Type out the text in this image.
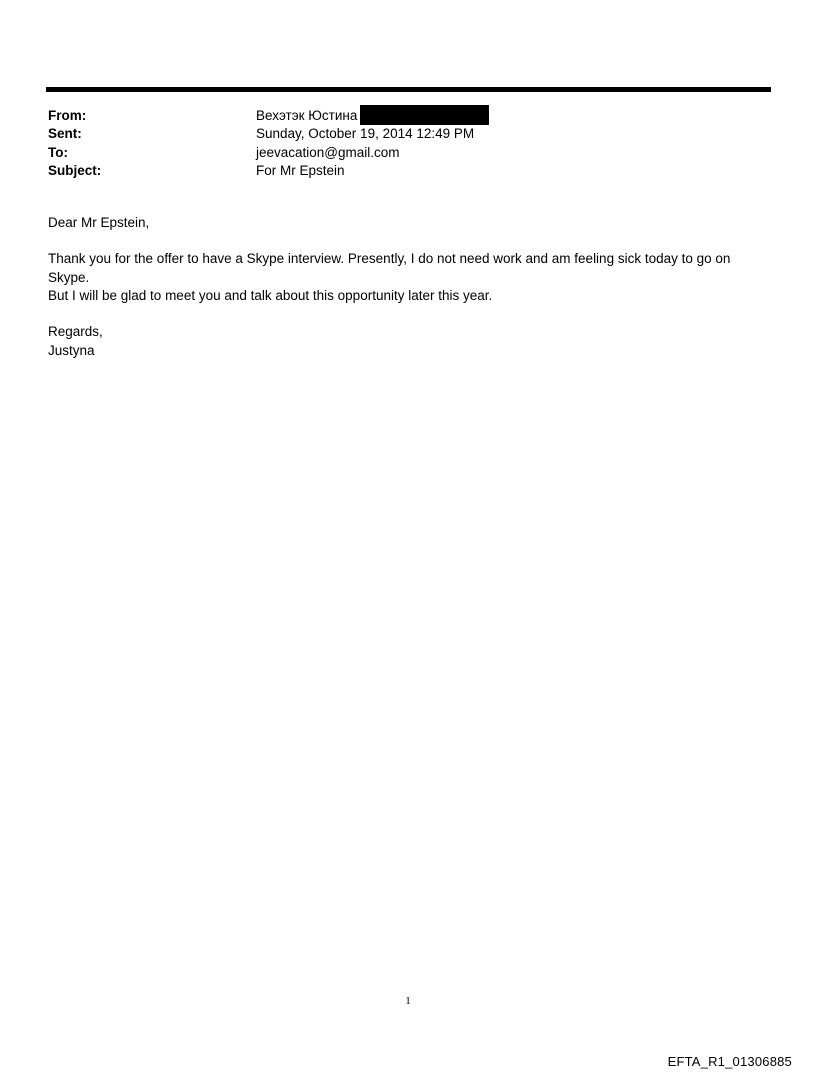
From:	Вехэтэк Юстина
Sent:	Sunday, October 19, 2014 12:49 PM
To:	jeevacation@gmail.com
Subject:	For Mr Epstein

Dear Mr Epstein,

Thank you for the offer to have a Skype interview. Presently, I do not need work and am feeling sick today to go on

Skype.

But I will be glad to meet you and talk about this opportunity later this year.

Regards,

Justyna

1
EFTA_R1_01306885
